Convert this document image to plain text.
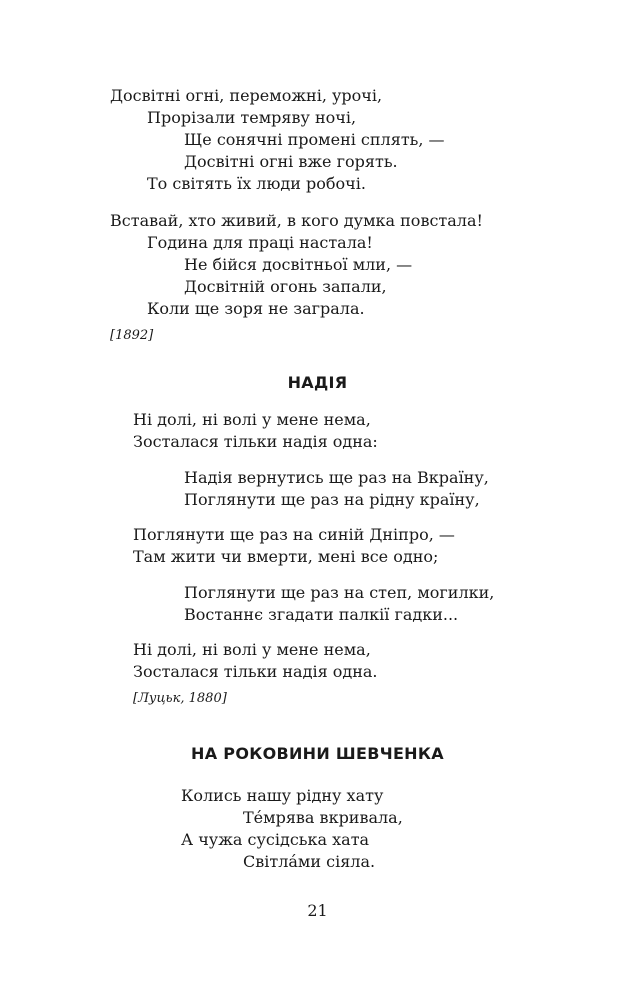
Досвітні огні, переможні, урочі,
Прорізали темряву ночі,
Ще сонячні промені сплять, —
Досвітні огні вже горять.
То світять їх люди робочі.
Вставай, хто живий, в кого думка повстала!
Година для праці настала!
Не бійся досвітньої мли, —
Досвітній огонь запали,
Коли ще зоря не заграла.
[1892]
НАДІЯ
Ні долі, ні волі у мене нема,
Зосталася тільки надія одна:
Надія вернутись ще раз на Вкраїну,
Поглянути ще раз на рідну країну,
Поглянути ще раз на синій Дніпро, —
Там жити чи вмерти, мені все одно;
Поглянути ще раз на степ, могилки,
Востаннє згадати палкії гадки...
Ні долі, ні волі у мене нема,
Зосталася тільки надія одна.
[Луцьк, 1880]
НА РОКОВИНИ ШЕВЧЕНКА
Колись нашу рідну хату
Те́мрява вкривала,
А чужа сусідська хата
Світла́ми сіяла.
21
